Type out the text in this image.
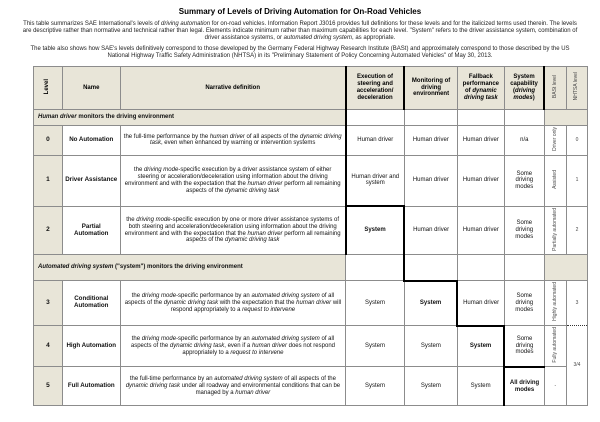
Summary of Levels of Driving Automation for On-Road Vehicles

This table summarizes SAE International's levels of driving automation for on-road vehicles. Information Report J3016 provides full definitions for these levels and for the italicized terms used therein. The levels are descriptive rather than normative and technical rather than legal. Elements indicate minimum rather than maximum capabilities for each level. "System" refers to the driver assistance system, combination of driver assistance systems, or automated driving system, as appropriate.

The table also shows how SAE's levels definitively correspond to those developed by the Germany Federal Highway Research Institute (BASt) and approximately correspond to those described by the US National Highway Traffic Safety Administration (NHTSA) in its "Preliminary Statement of Policy Concerning Automated Vehicles" of May 30, 2013.

Level	Name	Narrative definition	Execution of steering and acceleration/deceleration	Monitoring of driving environment	Fallback performance of dynamic driving task	System capability (driving modes)	BASt level	NHTSA level
Human driver monitors the driving environment								
0	No Automation	the full-time performance by the human driver of all aspects of the dynamic driving task, even when enhanced by warning or intervention systems	Human driver	Human driver	Human driver	n/a	Driver only	0
1	Driver Assistance	the driving mode-specific execution by a driver assistance system of either steering or acceleration/deceleration using information about the driving environment and with the expectation that the human driver perform all remaining aspects of the dynamic driving task	Human driver and system	Human driver	Human driver	Some driving modes	Assisted	1
2	Partial Automation	the driving mode-specific execution by one or more driver assistance systems of both steering and acceleration/deceleration using information about the driving environment and with the expectation that the human driver perform all remaining aspects of the dynamic driving task	System	Human driver	Human driver	Some driving modes	Partially automated	2
Automated driving system ("system") monitors the driving environment								
3	Conditional Automation	the driving mode-specific performance by an automated driving system of all aspects of the dynamic driving task with the expectation that the human driver will respond appropriately to a request to intervene	System	System	Human driver	Some driving modes	Highly automated	3
4	High Automation	the driving mode-specific performance by an automated driving system of all aspects of the dynamic driving task, even if a human driver does not respond appropriately to a request to intervene	System	System	System	Some driving modes	Fully automated	3/4
5	Full Automation	the full-time performance by an automated driving system of all aspects of the dynamic driving task under all roadway and environmental conditions that can be managed by a human driver	System	System	System	All driving modes	-	
